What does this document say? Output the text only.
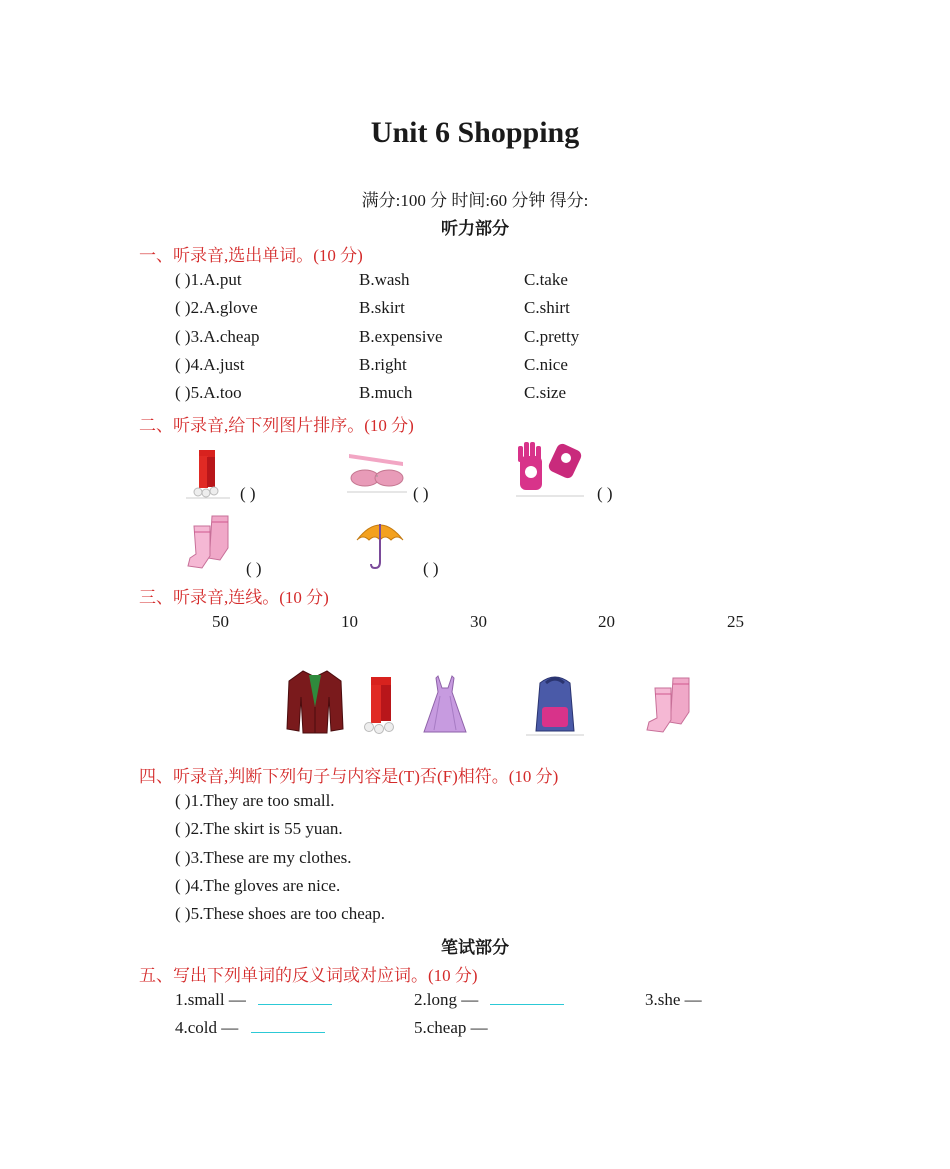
Unit 6 Shopping
满分:100 分 时间:60 分钟 得分:
听力部分
一、听录音,选出单词。(10 分)
( )1.A.put	B.wash	C.take
( )2.A.glove	B.skirt	C.shirt
( )3.A.cheap	B.expensive	C.pretty
( )4.A.just	B.right	C.nice
( )5.A.too	B.much	C.size
二、听录音,给下列图片排序。(10 分)
( )	( )	( )
( )	( )
三、听录音,连线。(10 分)
50	10	30	20	25
四、听录音,判断下列句子与内容是(T)否(F)相符。(10 分)
( )1.They are too small.
( )2.The skirt is 55 yuan.
( )3.These are my clothes.
( )4.The gloves are nice.
( )5.These shoes are too cheap.
笔试部分
五、写出下列单词的反义词或对应词。(10 分)
1.small —	2.long —	3.she —
4.cold —	5.cheap —
